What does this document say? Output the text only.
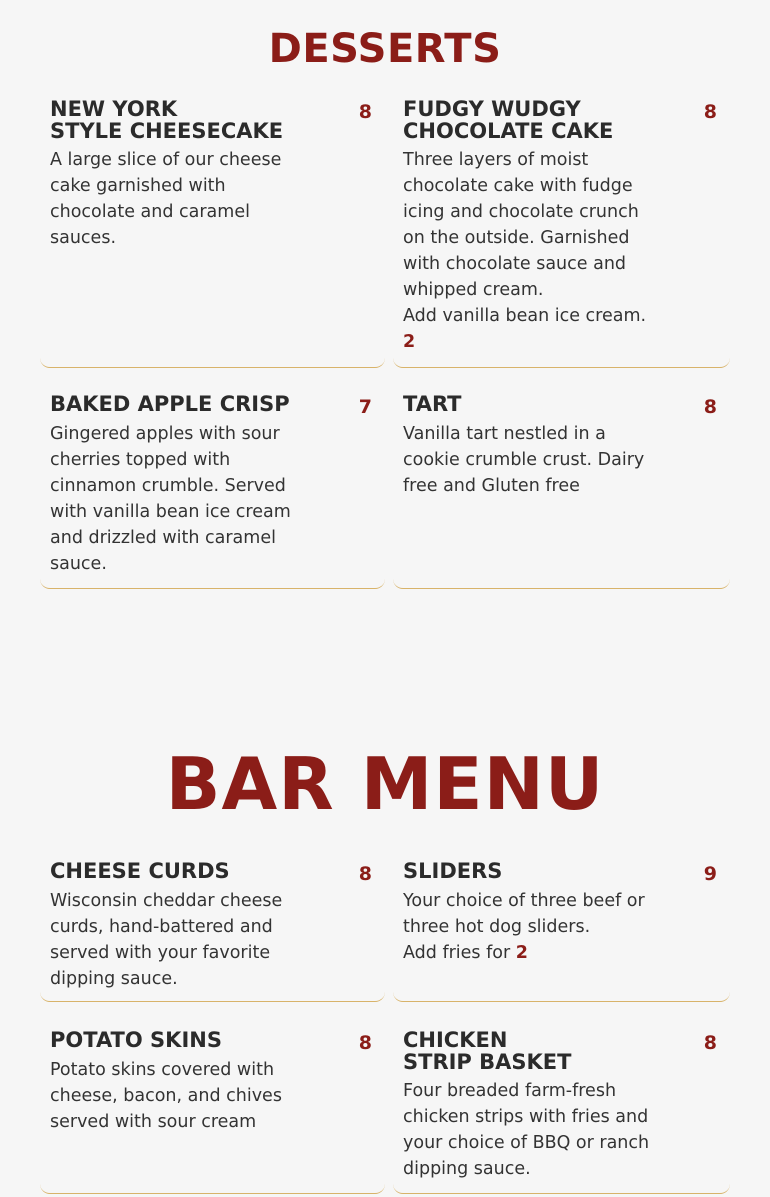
DESSERTS
NEW YORK
STYLE CHEESECAKE
8
A large slice of our cheese cake garnished with chocolate and caramel sauces.
FUDGY WUDGY
CHOCOLATE CAKE
8
Three layers of moist chocolate cake with fudge icing and chocolate crunch on the outside. Garnished with chocolate sauce and whipped cream.
Add vanilla bean ice cream. 2
BAKED APPLE CRISP	7
Gingered apples with sour cherries topped with cinnamon crumble. Served with vanilla bean ice cream and drizzled with caramel sauce.
TART	8
Vanilla tart nestled in a cookie crumble crust. Dairy free and Gluten free
BAR MENU
CHEESE CURDS	8
Wisconsin cheddar cheese curds, hand-battered and served with your favorite dipping sauce.
SLIDERS	9
Your choice of three beef or three hot dog sliders.
Add fries for 2
POTATO SKINS	8
Potato skins covered with cheese, bacon, and chives served with sour cream
CHICKEN
STRIP BASKET
8
Four breaded farm-fresh chicken strips with fries and your choice of BBQ or ranch dipping sauce.
